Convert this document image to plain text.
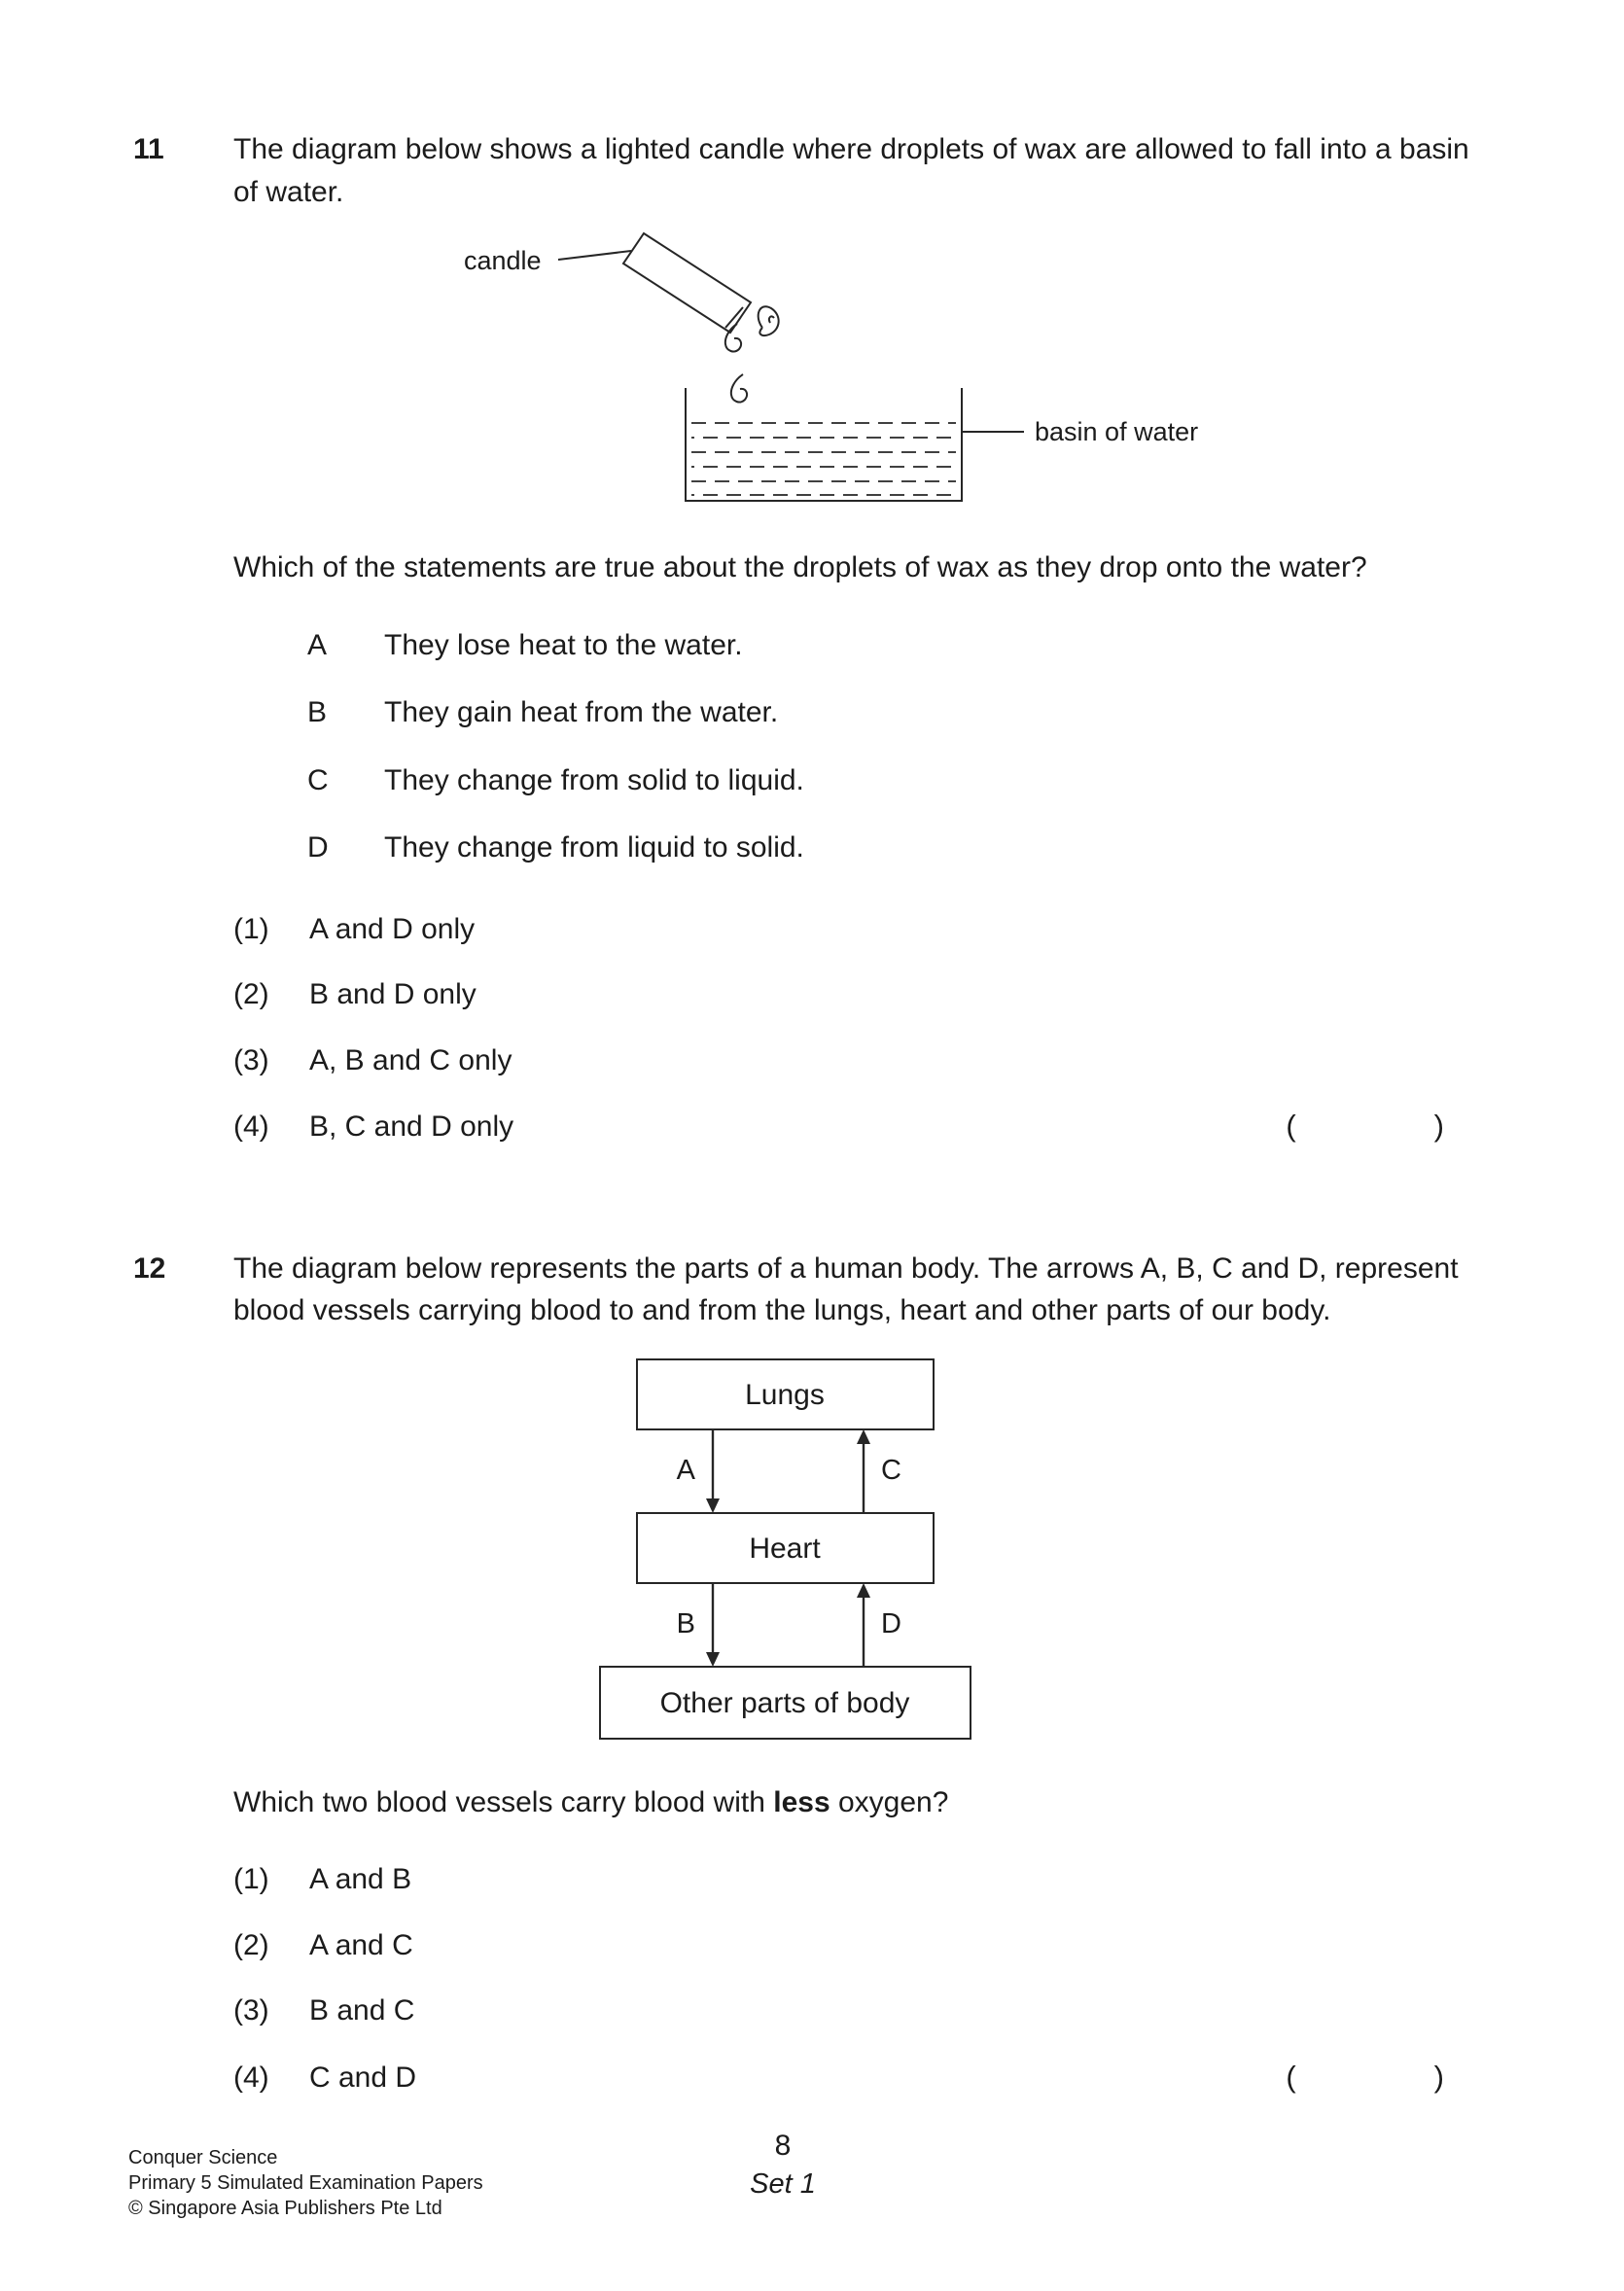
11	The diagram below shows a lighted candle where droplets of wax are allowed to fall into a basin of water.

candle
basin of water

Which of the statements are true about the droplets of wax as they drop onto the water?

A	They lose heat to the water.
B	They gain heat from the water.
C	They change from solid to liquid.
D	They change from liquid to solid.
(1)	A and D only
(2)	B and D only
(3)	A, B and C only
(4)	B, C and D only	(	)
12	The diagram below represents the parts of a human body. The arrows A, B, C and D, represent blood vessels carrying blood to and from the lungs, heart and other parts of our body.

Lungs
A	C
Heart
B	D
Other parts of body

Which two blood vessels carry blood with less oxygen?

(1)	A and B
(2)	A and C
(3)	B and C
(4)	C and D	(	)
Conquer Science
Primary 5 Simulated Examination Papers
© Singapore Asia Publishers Pte Ltd
8
Set 1
